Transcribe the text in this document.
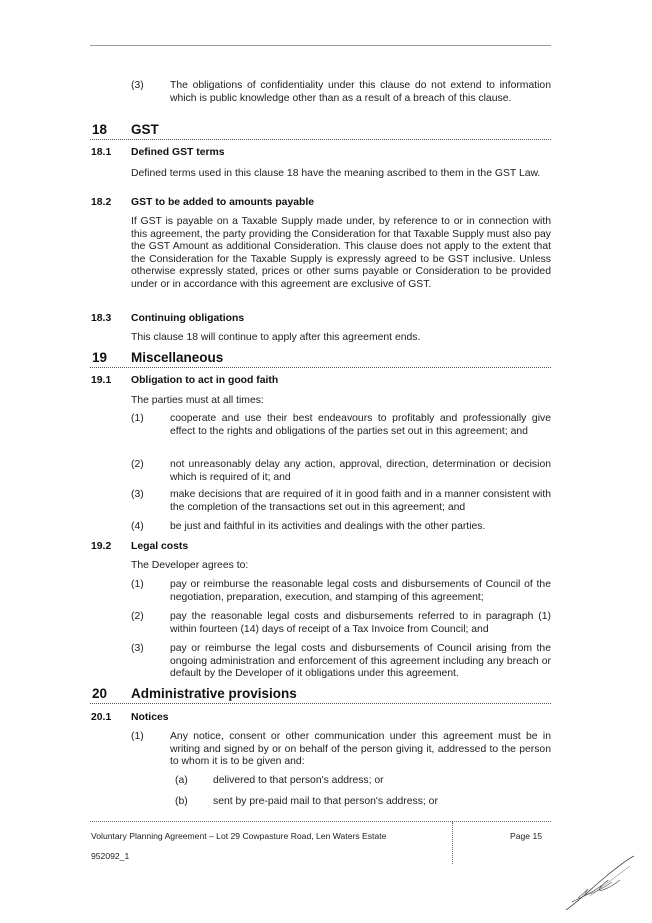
(3)	The obligations of confidentiality under this clause do not extend to information which is public knowledge other than as a result of a breach of this clause.
18 GST
18.1 Defined GST terms
Defined terms used in this clause 18 have the meaning ascribed to them in the GST Law.
18.2 GST to be added to amounts payable
If GST is payable on a Taxable Supply made under, by reference to or in connection with this agreement, the party providing the Consideration for that Taxable Supply must also pay the GST Amount as additional Consideration. This clause does not apply to the extent that the Consideration for the Taxable Supply is expressly agreed to be GST inclusive. Unless otherwise expressly stated, prices or other sums payable or Consideration to be provided under or in accordance with this agreement are exclusive of GST.
18.3 Continuing obligations
This clause 18 will continue to apply after this agreement ends.
19 Miscellaneous
19.1 Obligation to act in good faith
The parties must at all times:
(1)	cooperate and use their best endeavours to profitably and professionally give effect to the rights and obligations of the parties set out in this agreement; and
(2)	not unreasonably delay any action, approval, direction, determination or decision which is required of it; and
(3)	make decisions that are required of it in good faith and in a manner consistent with the completion of the transactions set out in this agreement; and
(4)	be just and faithful in its activities and dealings with the other parties.
19.2 Legal costs
The Developer agrees to:
(1)	pay or reimburse the reasonable legal costs and disbursements of Council of the negotiation, preparation, execution, and stamping of this agreement;
(2)	pay the reasonable legal costs and disbursements referred to in paragraph (1) within fourteen (14) days of receipt of a Tax Invoice from Council; and
(3)	pay or reimburse the legal costs and disbursements of Council arising from the ongoing administration and enforcement of this agreement including any breach or default by the Developer of it obligations under this agreement.
20 Administrative provisions
20.1 Notices
(1)	Any notice, consent or other communication under this agreement must be in writing and signed by or on behalf of the person giving it, addressed to the person to whom it is to be given and:
(a) delivered to that person's address; or
(b) sent by pre-paid mail to that person's address; or
Voluntary Planning Agreement – Lot 29 Cowpasture Road, Len Waters Estate
952092_1
Page 15
